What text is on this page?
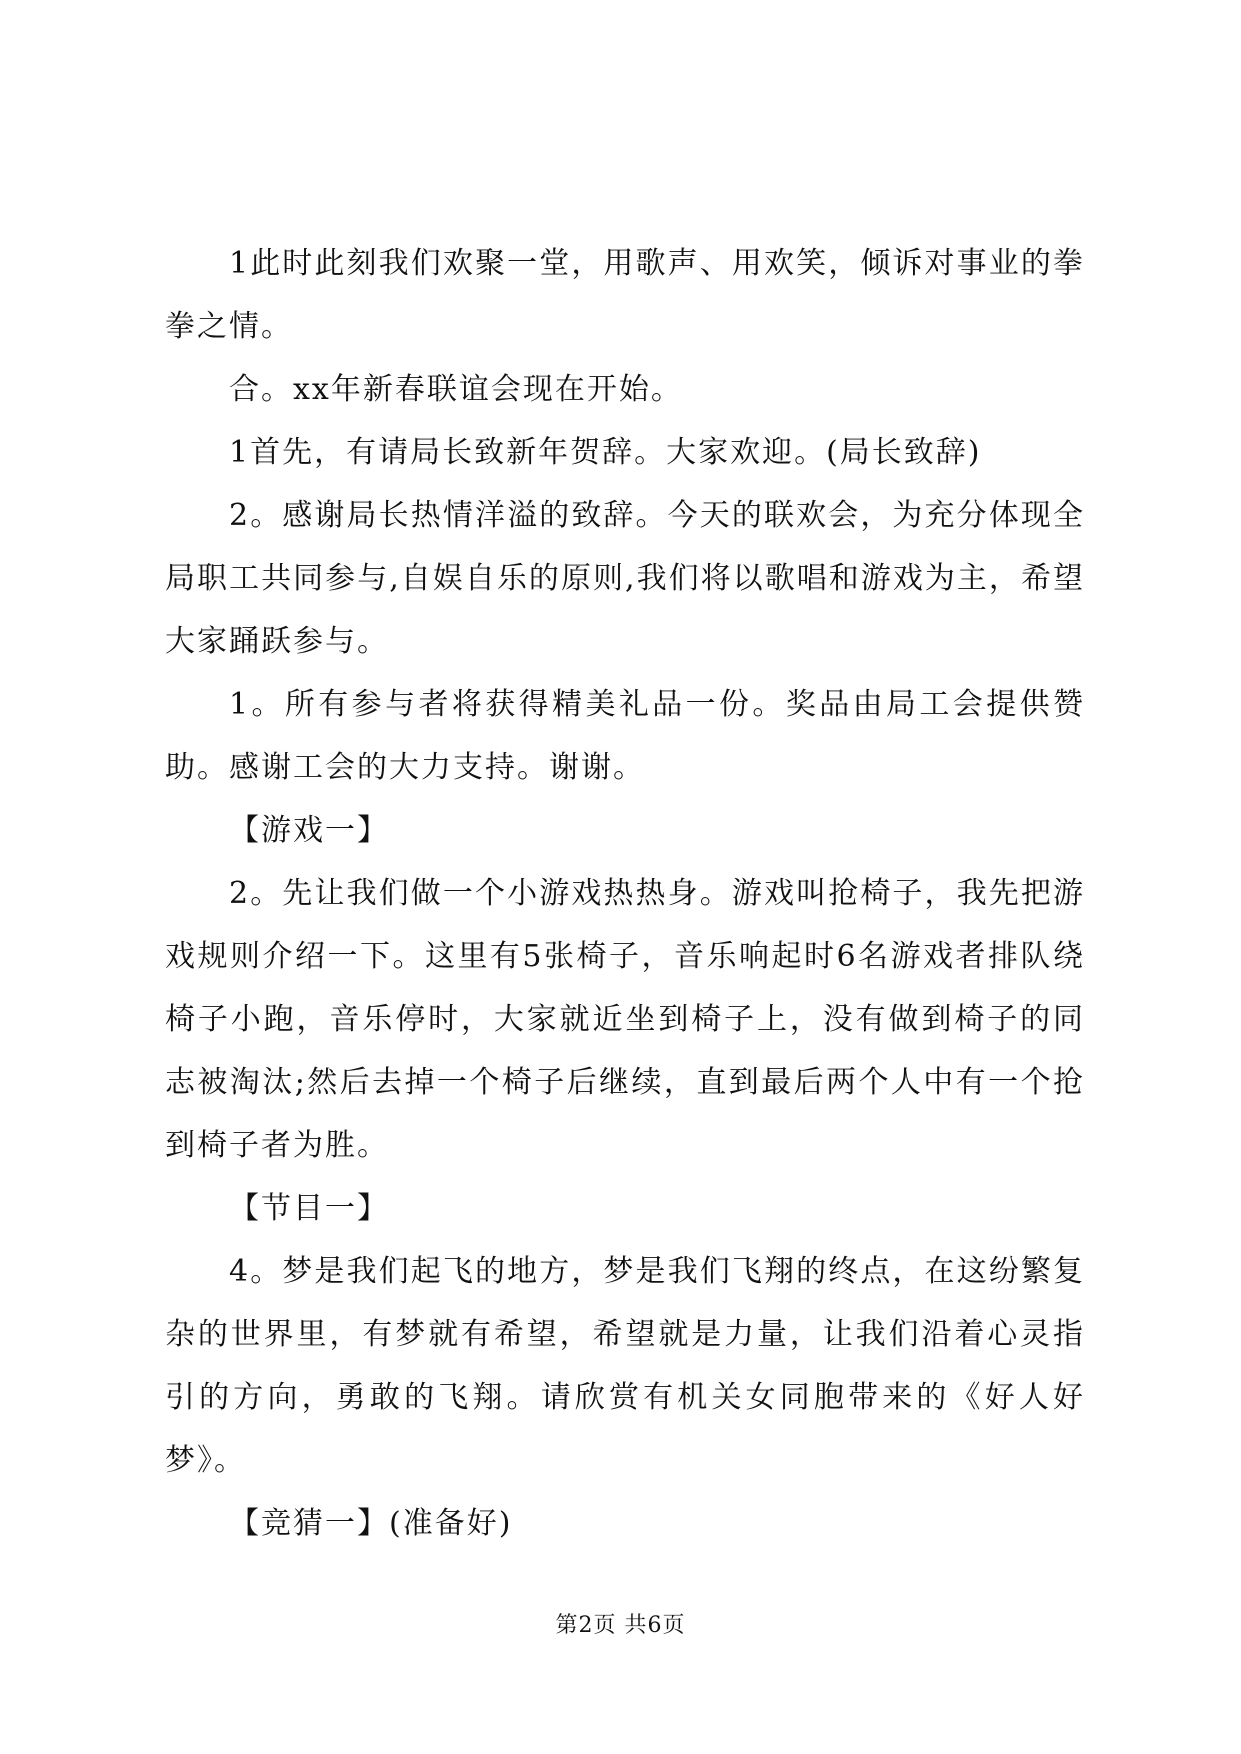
1此时此刻我们欢聚一堂，用歌声、用欢笑，倾诉对事业的拳拳之情。

合。xx年新春联谊会现在开始。

1首先，有请局长致新年贺辞。大家欢迎。(局长致辞)

2。感谢局长热情洋溢的致辞。今天的联欢会，为充分体现全局职工共同参与,自娱自乐的原则,我们将以歌唱和游戏为主，希望大家踊跃参与。

1。所有参与者将获得精美礼品一份。奖品由局工会提供赞助。感谢工会的大力支持。谢谢。

【游戏一】

2。先让我们做一个小游戏热热身。游戏叫抢椅子，我先把游戏规则介绍一下。这里有5张椅子，音乐响起时6名游戏者排队绕椅子小跑，音乐停时，大家就近坐到椅子上，没有做到椅子的同志被淘汰;然后去掉一个椅子后继续，直到最后两个人中有一个抢到椅子者为胜。

【节目一】

4。梦是我们起飞的地方，梦是我们飞翔的终点，在这纷繁复杂的世界里，有梦就有希望，希望就是力量，让我们沿着心灵指引的方向，勇敢的飞翔。请欣赏有机关女同胞带来的《好人好梦》。

【竞猜一】(准备好)

第2页 共6页
